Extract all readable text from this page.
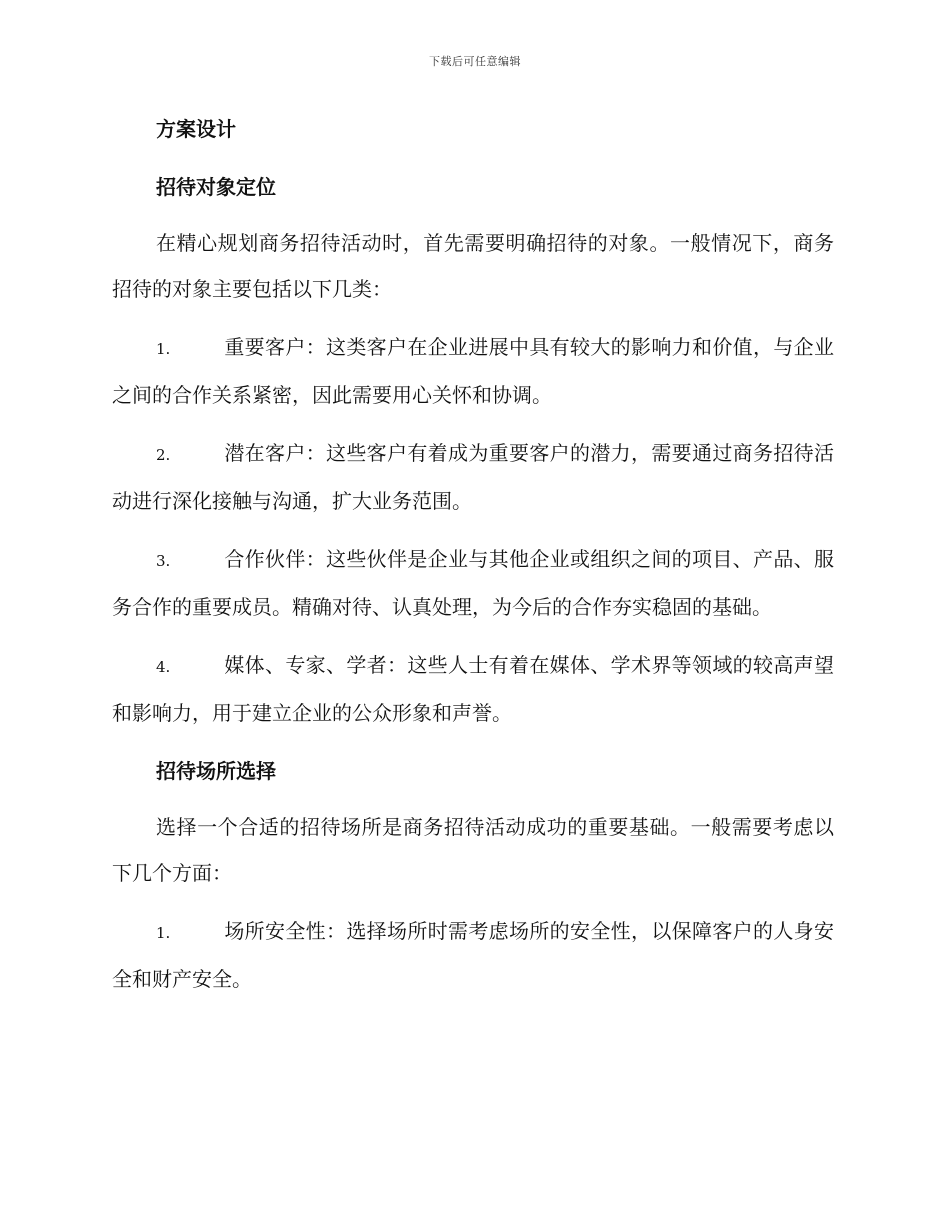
下载后可任意编辑
方案设计
招待对象定位

在精心规划商务招待活动时，首先需要明确招待的对象。一般情况下，商务招待的对象主要包括以下几类：

1.	重要客户：这类客户在企业进展中具有较大的影响力和价值，与企业之间的合作关系紧密，因此需要用心关怀和协调。

2.	潜在客户：这些客户有着成为重要客户的潜力，需要通过商务招待活动进行深化接触与沟通，扩大业务范围。

3.	合作伙伴：这些伙伴是企业与其他企业或组织之间的项目、产品、服务合作的重要成员。精确对待、认真处理，为今后的合作夯实稳固的基础。

4.	媒体、专家、学者：这些人士有着在媒体、学术界等领域的较高声望和影响力，用于建立企业的公众形象和声誉。

招待场所选择

选择一个合适的招待场所是商务招待活动成功的重要基础。一般需要考虑以下几个方面：

1.	场所安全性：选择场所时需考虑场所的安全性，以保障客户的人身安全和财产安全。
